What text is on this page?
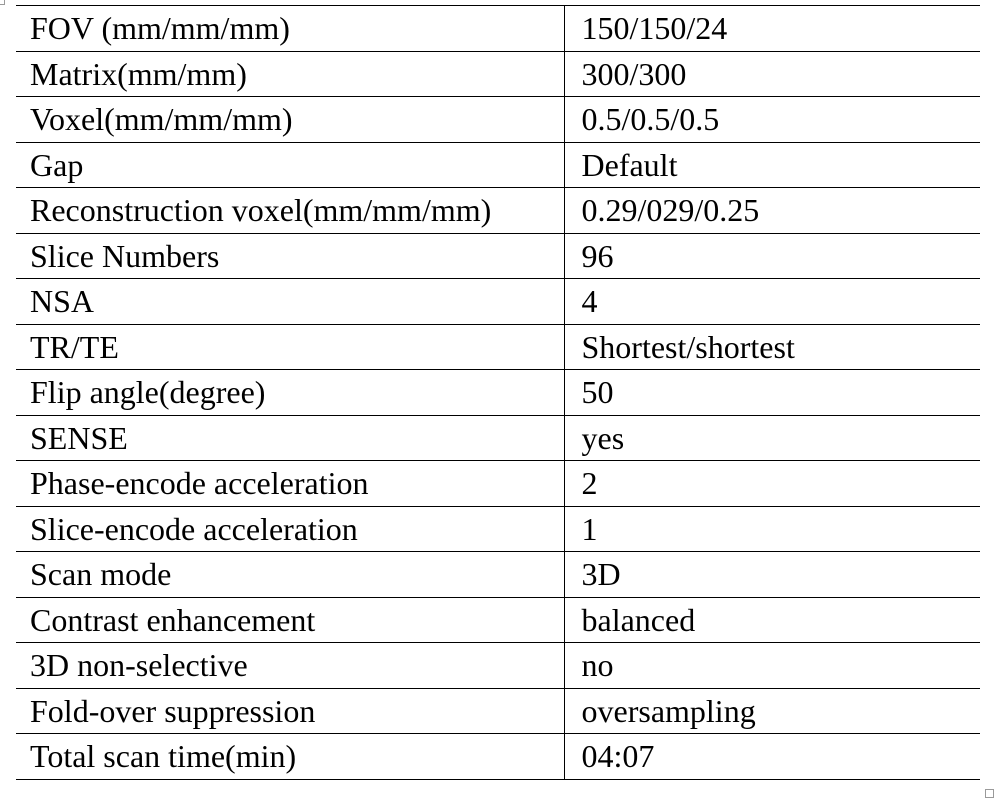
FOV (mm/mm/mm)	150/150/24
Matrix(mm/mm)	300/300
Voxel(mm/mm/mm)	0.5/0.5/0.5
Gap	Default
Reconstruction voxel(mm/mm/mm)	0.29/029/0.25
Slice Numbers	96
NSA	4
TR/TE	Shortest/shortest
Flip angle(degree)	50
SENSE	yes
Phase-encode acceleration	2
Slice-encode acceleration	1
Scan mode	3D
Contrast enhancement	balanced
3D non-selective	no
Fold-over suppression	oversampling
Total scan time(min)	04:07
